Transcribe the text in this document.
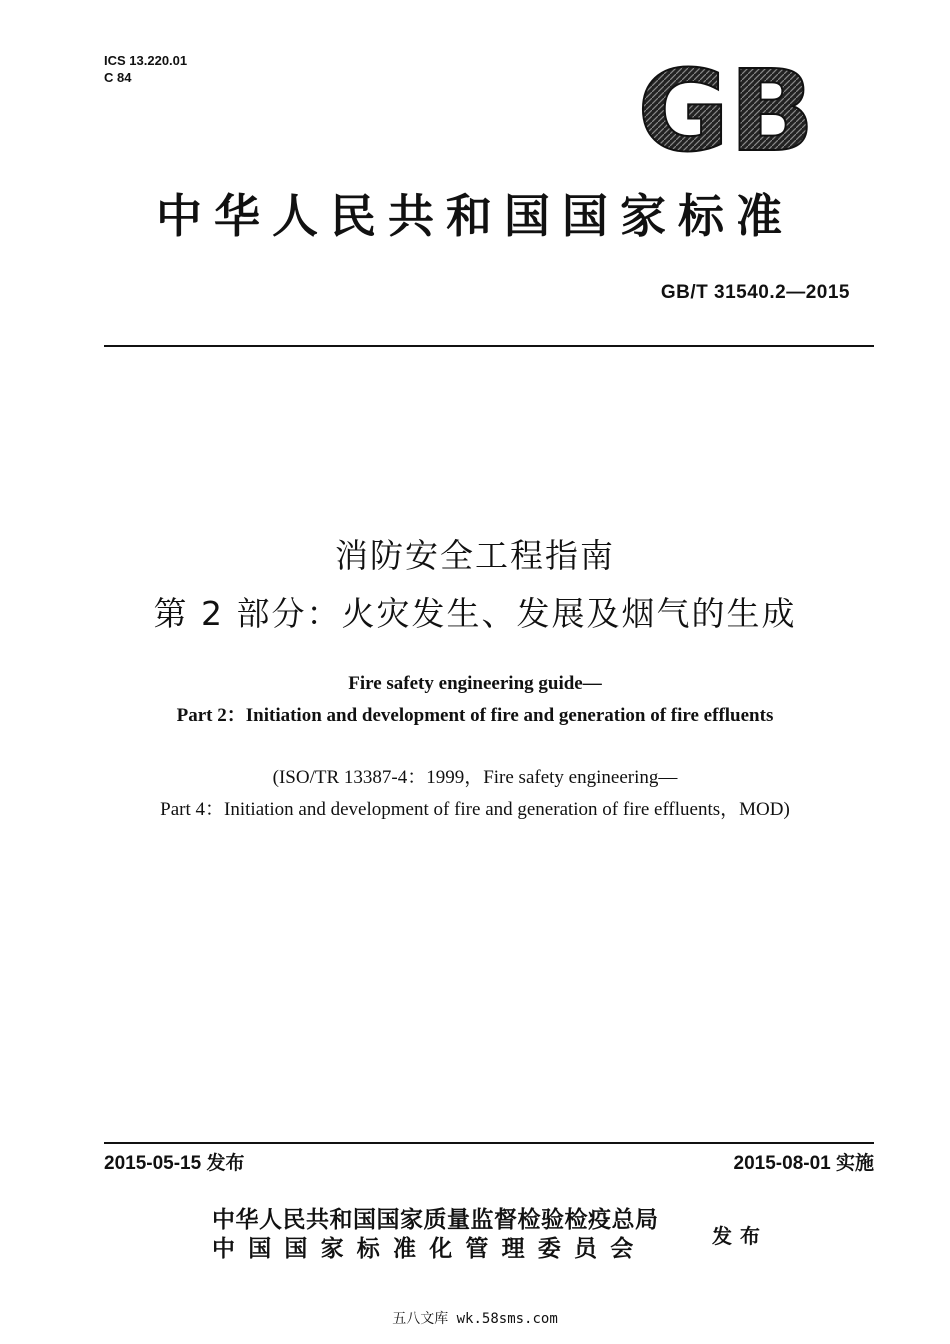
ICS 13.220.01
C 84	GB
中华人民共和国国家标准
GB/T 31540.2—2015
消防安全工程指南
第 2 部分：火灾发生、发展及烟气的生成
Fire safety engineering guide—
Part 2：Initiation and development of fire and generation of fire effluents
(ISO/TR 13387-4：1999，Fire safety engineering—
Part 4：Initiation and development of fire and generation of fire effluents，MOD)
2015-05-15 发布	2015-08-01 实施
中华人民共和国国家质量监督检验检疫总局
中国国家标准化管理委员会	发布
五八文库 wk.58sms.com
